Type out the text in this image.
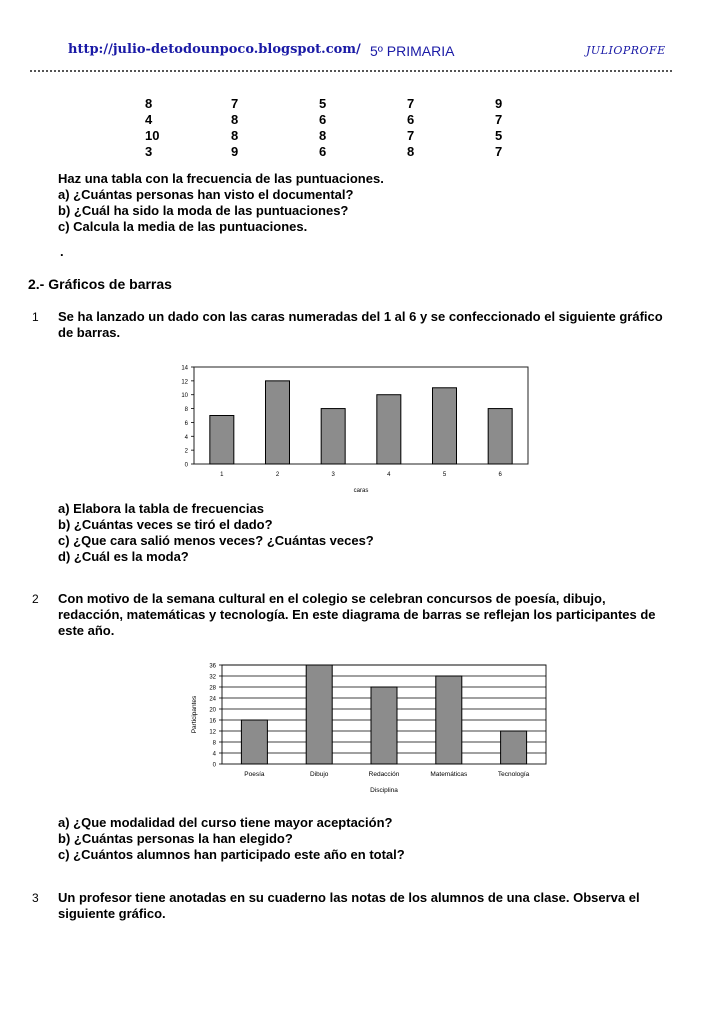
http://julio-detodounpoco.blogspot.com/ 5º PRIMARIA	JULIOPROFE
8	7	5	7	9
4	8	6	6	7
10	8	8	7	5
3	9	6	8	7
Haz una tabla con la frecuencia de las puntuaciones.
a) ¿Cuántas personas han visto el documental?
b) ¿Cuál ha sido la moda de las puntuaciones?
c) Calcula la media de las puntuaciones.
.
2.- Gráficos de barras
1 Se ha lanzado un dado con las caras numeradas del 1 al 6 y se confeccionado el siguiente gráfico
de barras.
0
2
4
6
8
10
12
14
1	2	3	4	5	6
caras
a) Elabora la tabla de frecuencias
b) ¿Cuántas veces se tiró el dado?
c) ¿Que cara salió menos veces? ¿Cuántas veces?
d) ¿Cuál es la moda?
2 Con motivo de la semana cultural en el colegio se celebran concursos de poesía, dibujo,
redacción, matemáticas y tecnología. En este diagrama de barras se reflejan los participantes de
este año.
0
4
8
12
16
20
24
28
32
36
Poesía	Dibujo	Redacción	Matemáticas	Tecnología
Disciplina
Participantes
a) ¿Que modalidad del curso tiene mayor aceptación?
b) ¿Cuántas personas la han elegido?
c) ¿Cuántos alumnos han participado este año en total?
3 Un profesor tiene anotadas en su cuaderno las notas de los alumnos de una clase. Observa el
siguiente gráfico.
